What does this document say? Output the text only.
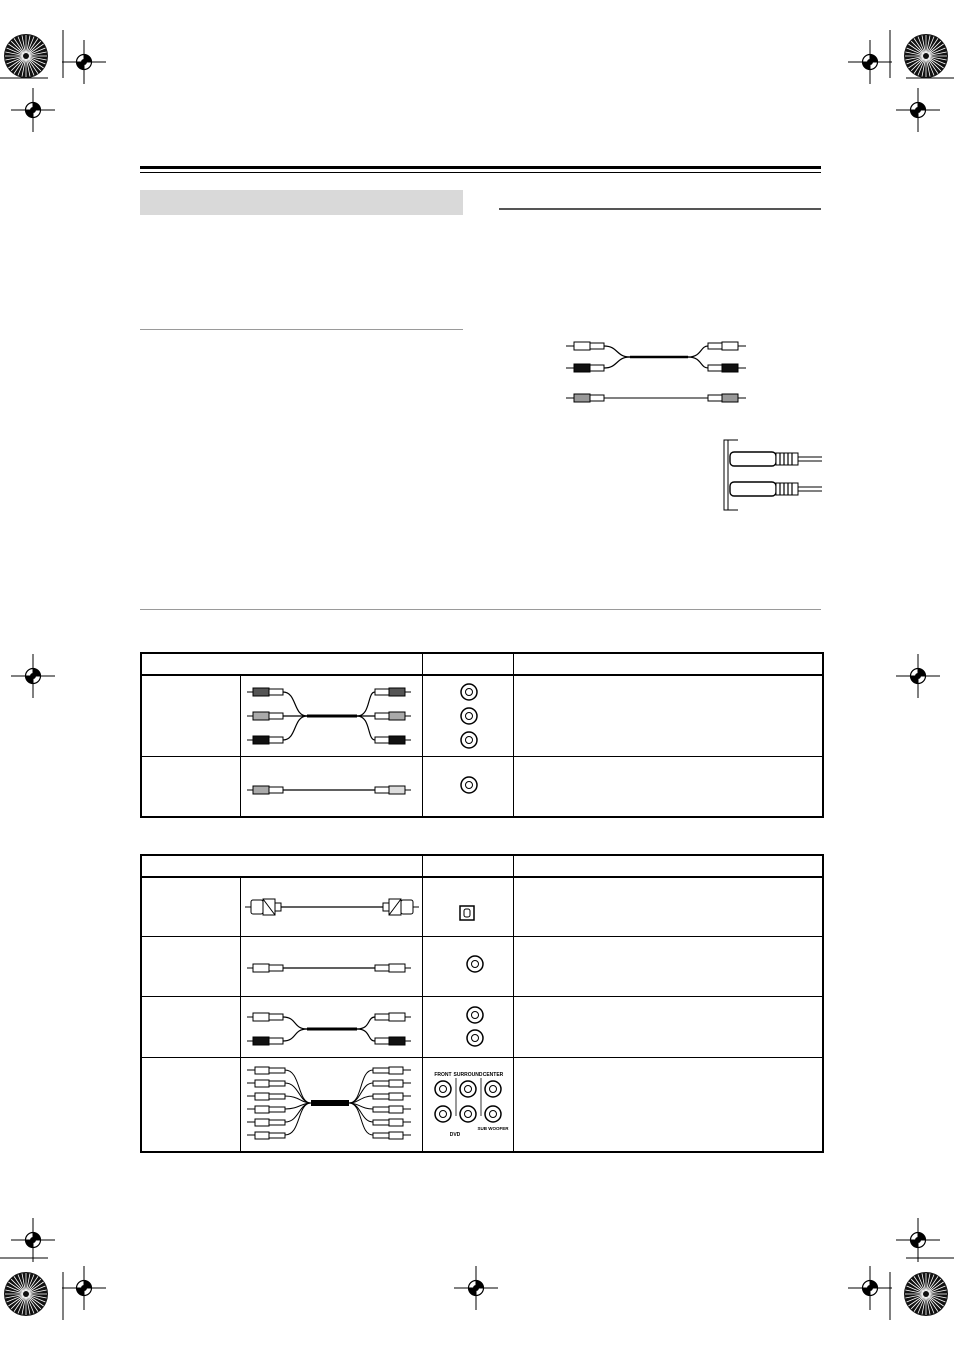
FRONT SURROUND CENTER
DVD
SUB WOOFER	
